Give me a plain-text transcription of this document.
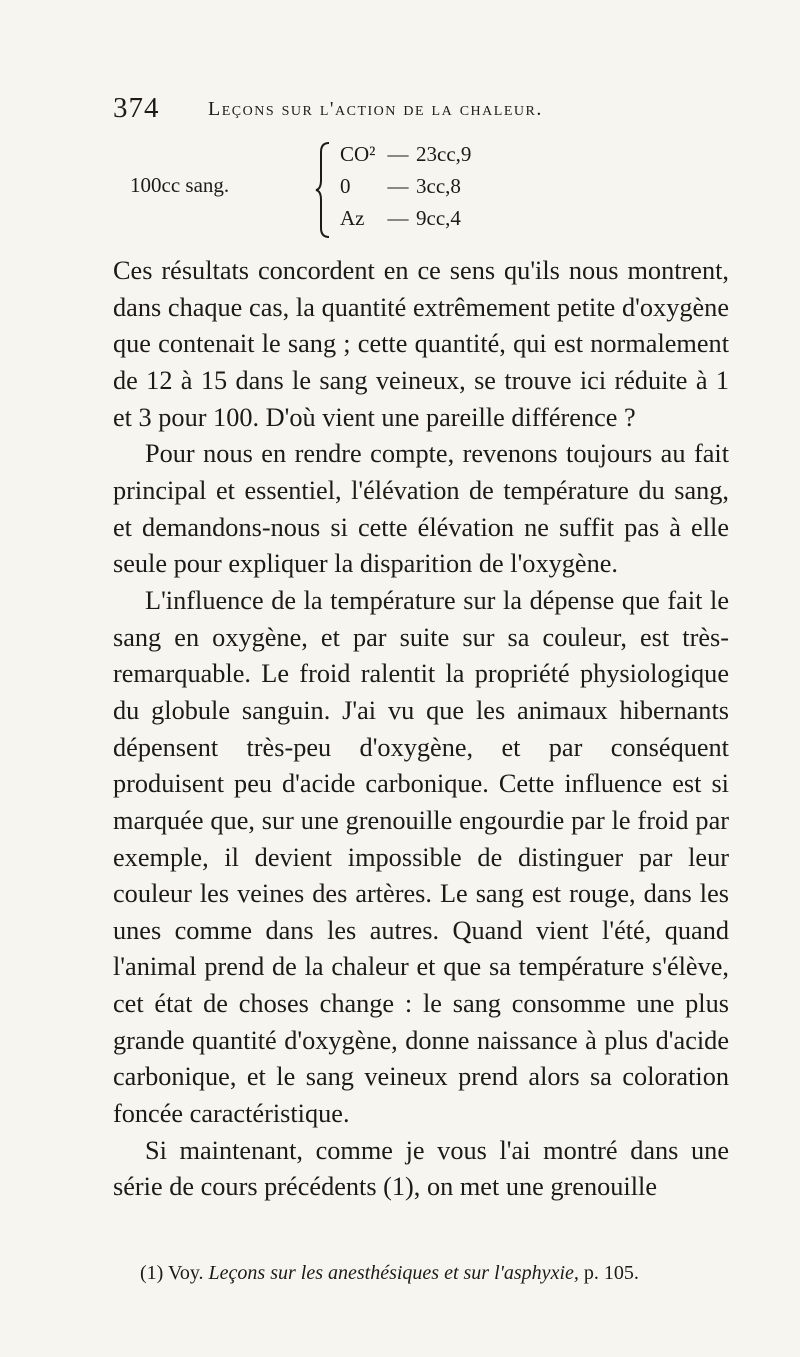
374 Leçons sur l'action de la chaleur.
100cc sang.
CO² — 23cc,9
0 — 3cc,8
Az — 9cc,4

Ces résultats concordent en ce sens qu'ils nous montrent, dans chaque cas, la quantité extrêmement petite d'oxygène que contenait le sang ; cette quantité, qui est normalement de 12 à 15 dans le sang veineux, se trouve ici réduite à 1 et 3 pour 100. D'où vient une pareille différence ?

Pour nous en rendre compte, revenons toujours au fait principal et essentiel, l'élévation de température du sang, et demandons-nous si cette élévation ne suffit pas à elle seule pour expliquer la disparition de l'oxygène.

L'influence de la température sur la dépense que fait le sang en oxygène, et par suite sur sa couleur, est très-remarquable. Le froid ralentit la propriété physiologique du globule sanguin. J'ai vu que les animaux hibernants dépensent très-peu d'oxygène, et par conséquent produisent peu d'acide carbonique. Cette influence est si marquée que, sur une grenouille engourdie par le froid par exemple, il devient impossible de distinguer par leur couleur les veines des artères. Le sang est rouge, dans les unes comme dans les autres. Quand vient l'été, quand l'animal prend de la chaleur et que sa température s'élève, cet état de choses change : le sang consomme une plus grande quantité d'oxygène, donne naissance à plus d'acide carbonique, et le sang veineux prend alors sa coloration foncée caractéristique.

Si maintenant, comme je vous l'ai montré dans une série de cours précédents (1), on met une grenouille

(1) Voy. Leçons sur les anesthésiques et sur l'asphyxie, p. 105.
